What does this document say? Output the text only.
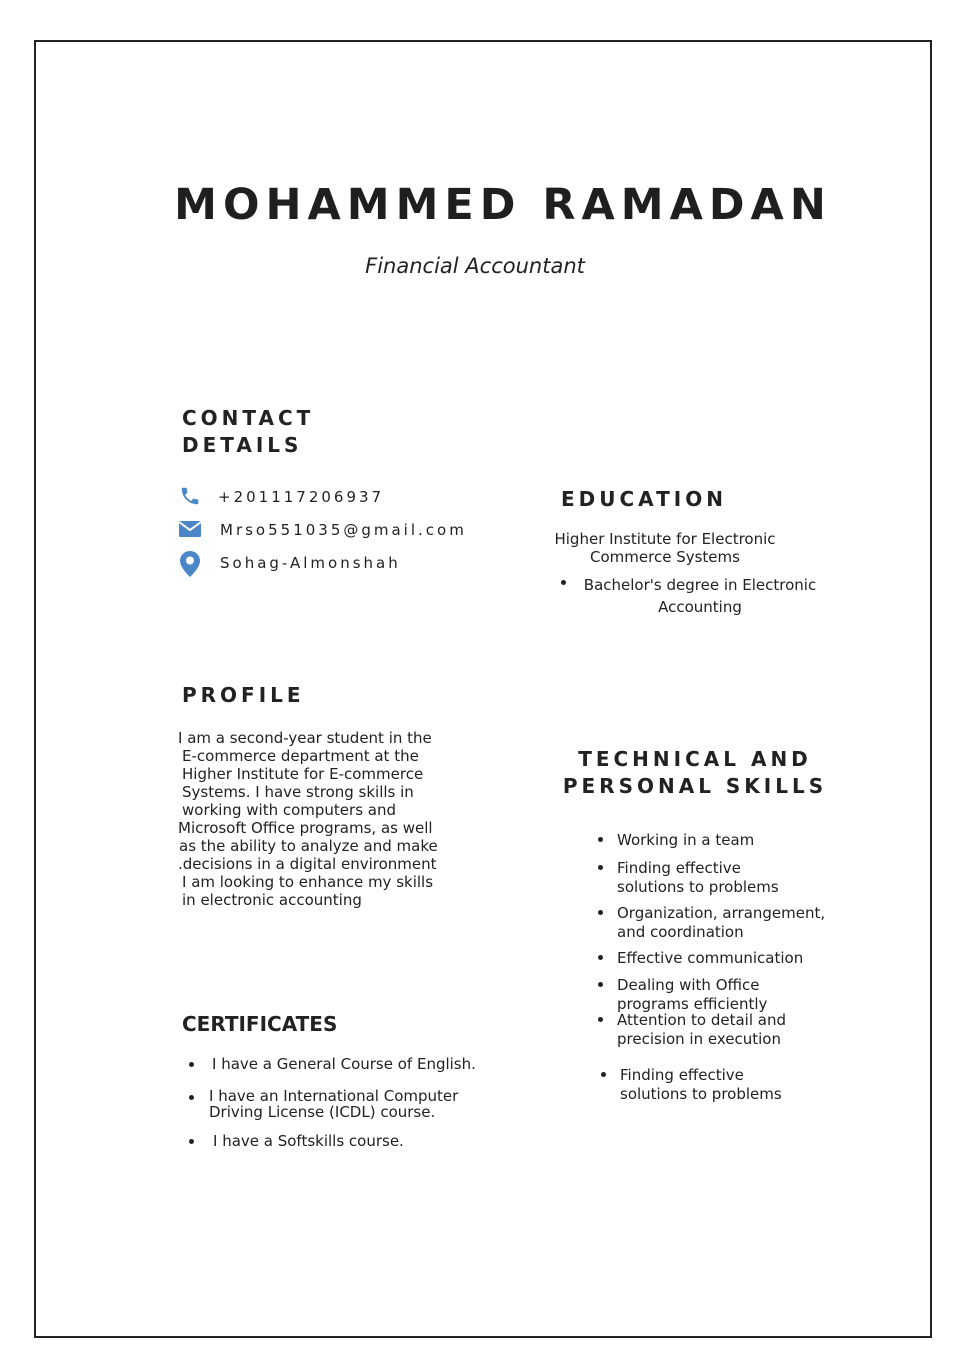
MOHAMMED RAMADAN
Financial Accountant
CONTACT
DETAILS
+201117206937
Mrso551035@gmail.com
Sohag-Almonshah
EDUCATION
Higher Institute for Electronic
Commerce Systems
Bachelor's degree in Electronic
Accounting
PROFILE
I am a second-year student in the
E-commerce department at the
Higher Institute for E-commerce
Systems. I have strong skills in
working with computers and
Microsoft Office programs, as well
as the ability to analyze and make
.decisions in a digital environment
I am looking to enhance my skills
in electronic accounting
TECHNICAL AND
PERSONAL SKILLS
Working in a team
Finding effective
solutions to problems
Organization, arrangement,
and coordination
Effective communication
Dealing with Office
programs efficiently
Attention to detail and
precision in execution
Finding effective
solutions to problems
CERTIFICATES
I have a General Course of English.
I have an International Computer
Driving License (ICDL) course.
I have a Softskills course.
